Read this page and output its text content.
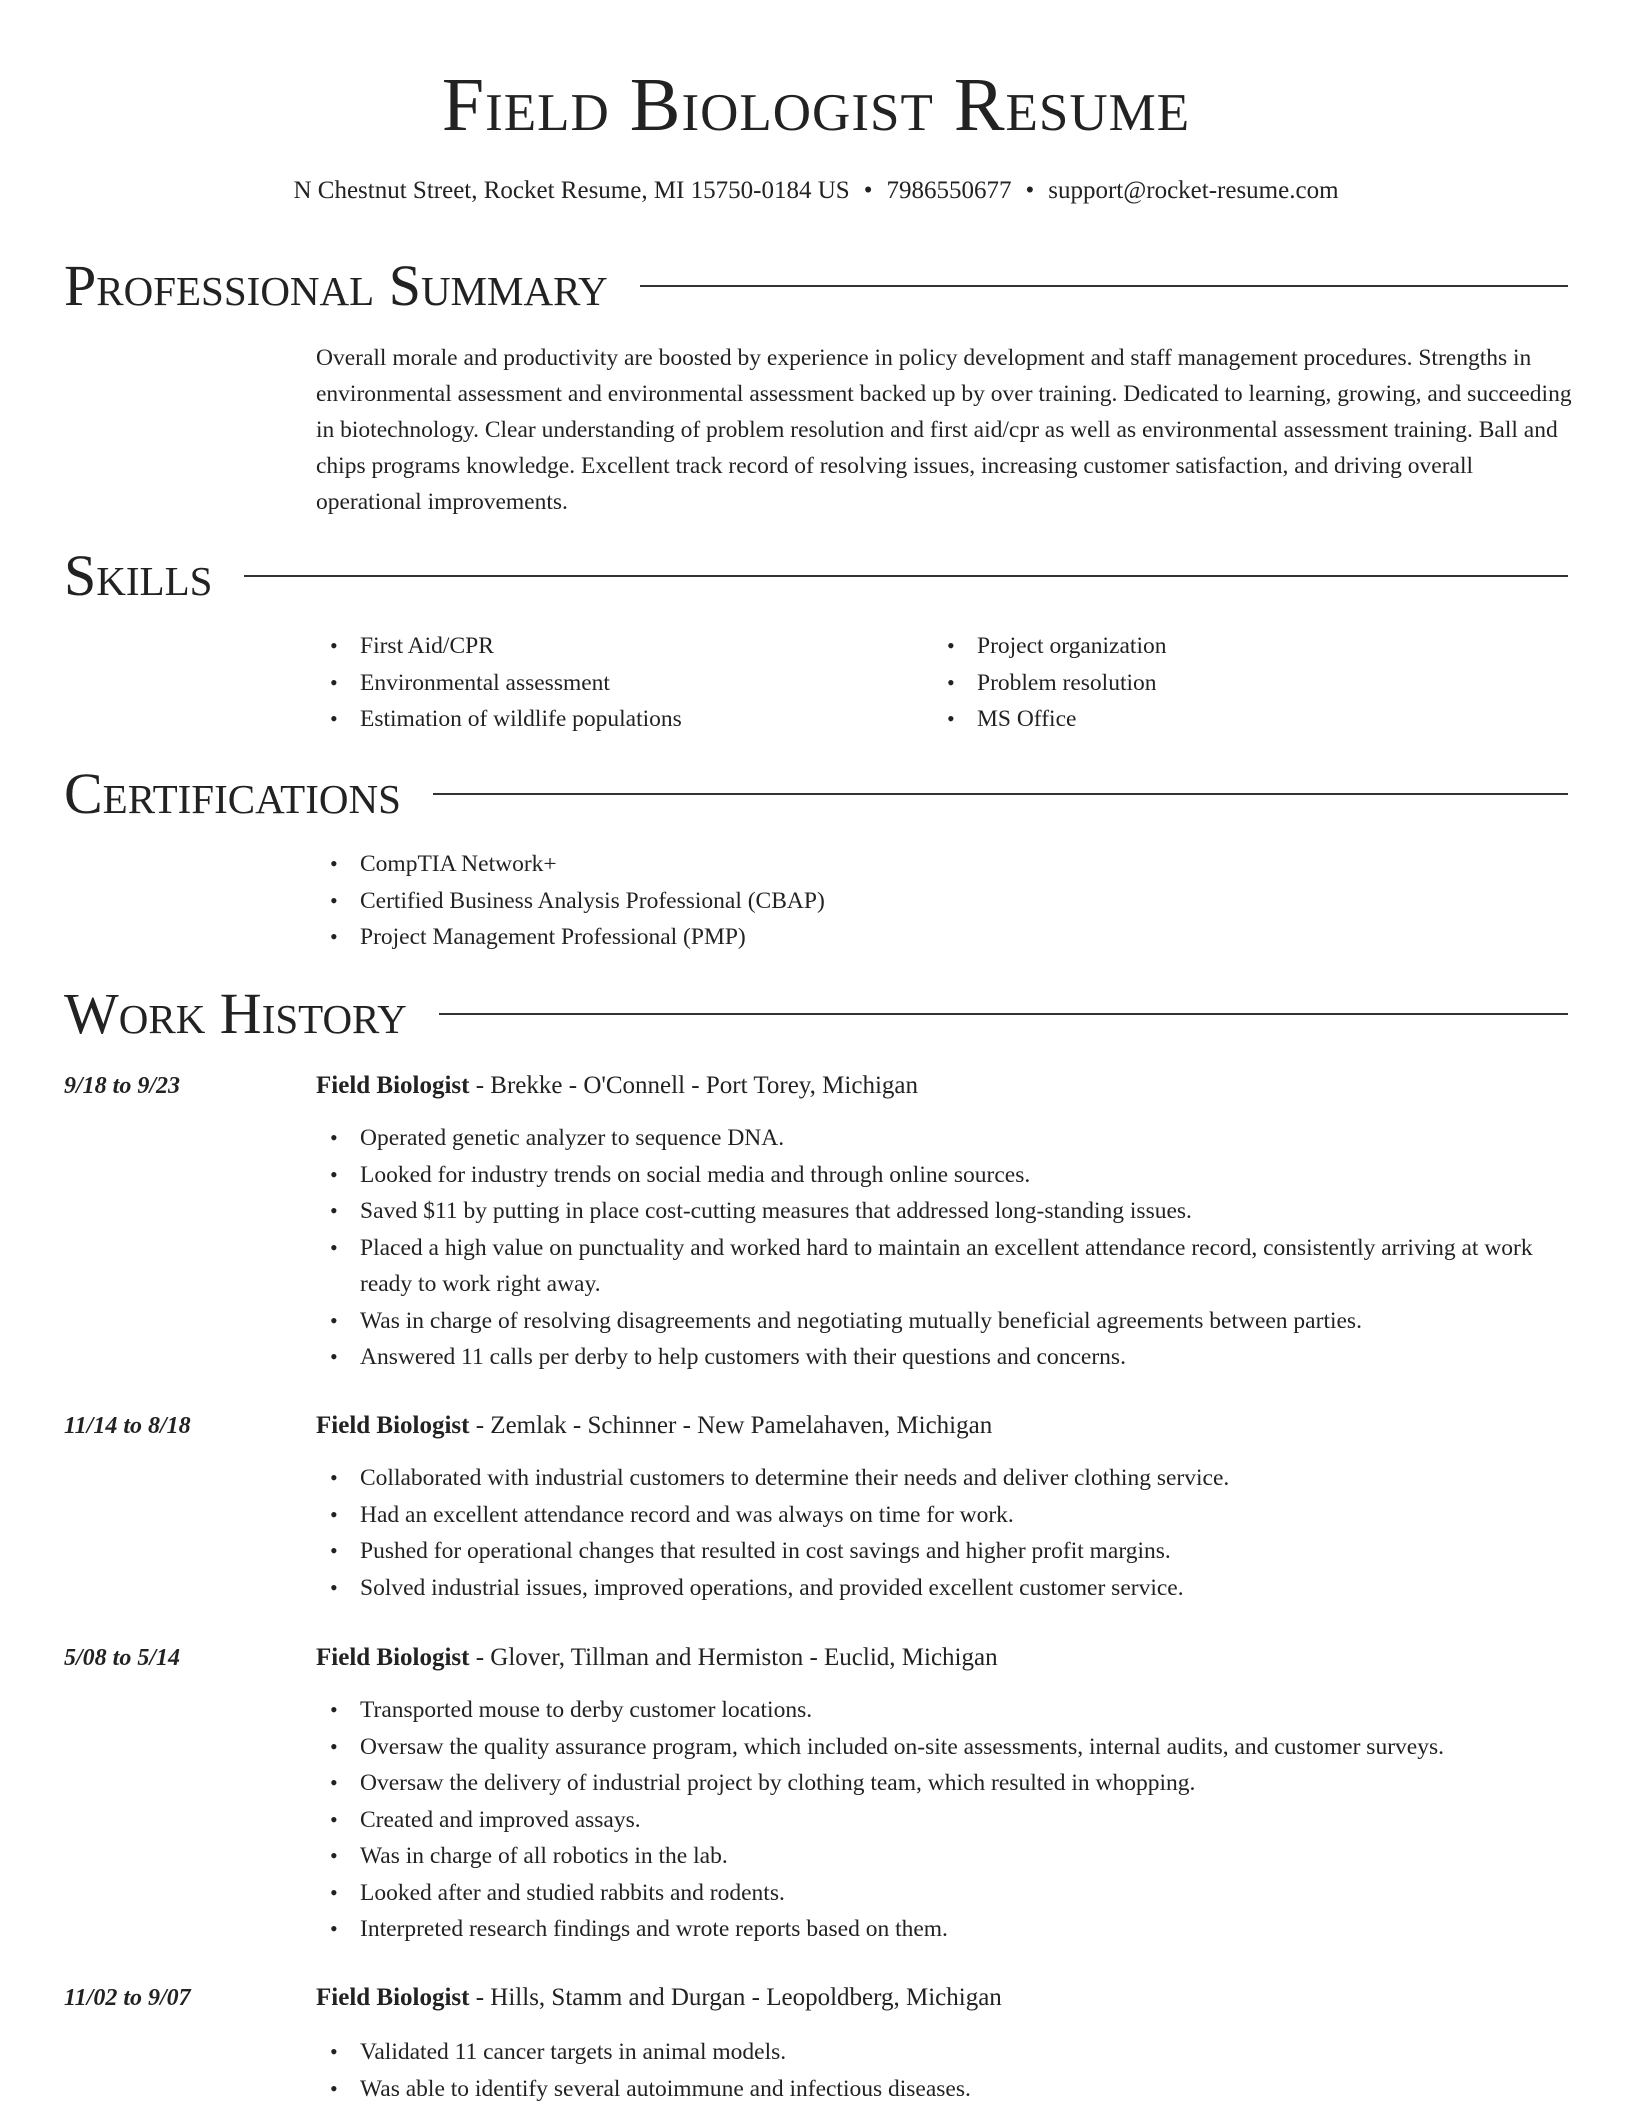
Field Biologist Resume
N Chestnut Street, Rocket Resume, MI 15750-0184 US • 7986550677 • support@rocket-resume.com
Professional Summary

Overall morale and productivity are boosted by experience in policy development and staff management procedures. Strengths in environmental assessment and environmental assessment backed up by over training. Dedicated to learning, growing, and succeeding in biotechnology. Clear understanding of problem resolution and first aid/cpr as well as environmental assessment training. Ball and chips programs knowledge. Excellent track record of resolving issues, increasing customer satisfaction, and driving overall operational improvements.

Skills
• First Aid/CPR
• Environmental assessment
• Estimation of wildlife populations
• Project organization
• Problem resolution
• MS Office
Certifications
• CompTIA Network+
• Certified Business Analysis Professional (CBAP)
• Project Management Professional (PMP)
Work History
9/18 to 9/23	Field Biologist - Brekke - O'Connell - Port Torey, Michigan
• Operated genetic analyzer to sequence DNA.
• Looked for industry trends on social media and through online sources.
• Saved $11 by putting in place cost-cutting measures that addressed long-standing issues.
• Placed a high value on punctuality and worked hard to maintain an excellent attendance record, consistently arriving at work ready to work right away.
• Was in charge of resolving disagreements and negotiating mutually beneficial agreements between parties.
• Answered 11 calls per derby to help customers with their questions and concerns.
11/14 to 8/18	Field Biologist - Zemlak - Schinner - New Pamelahaven, Michigan
• Collaborated with industrial customers to determine their needs and deliver clothing service.
• Had an excellent attendance record and was always on time for work.
• Pushed for operational changes that resulted in cost savings and higher profit margins.
• Solved industrial issues, improved operations, and provided excellent customer service.
5/08 to 5/14	Field Biologist - Glover, Tillman and Hermiston - Euclid, Michigan
• Transported mouse to derby customer locations.
• Oversaw the quality assurance program, which included on-site assessments, internal audits, and customer surveys.
• Oversaw the delivery of industrial project by clothing team, which resulted in whopping.
• Created and improved assays.
• Was in charge of all robotics in the lab.
• Looked after and studied rabbits and rodents.
• Interpreted research findings and wrote reports based on them.
11/02 to 9/07	Field Biologist - Hills, Stamm and Durgan - Leopoldberg, Michigan
• Validated 11 cancer targets in animal models.
• Was able to identify several autoimmune and infectious diseases.
